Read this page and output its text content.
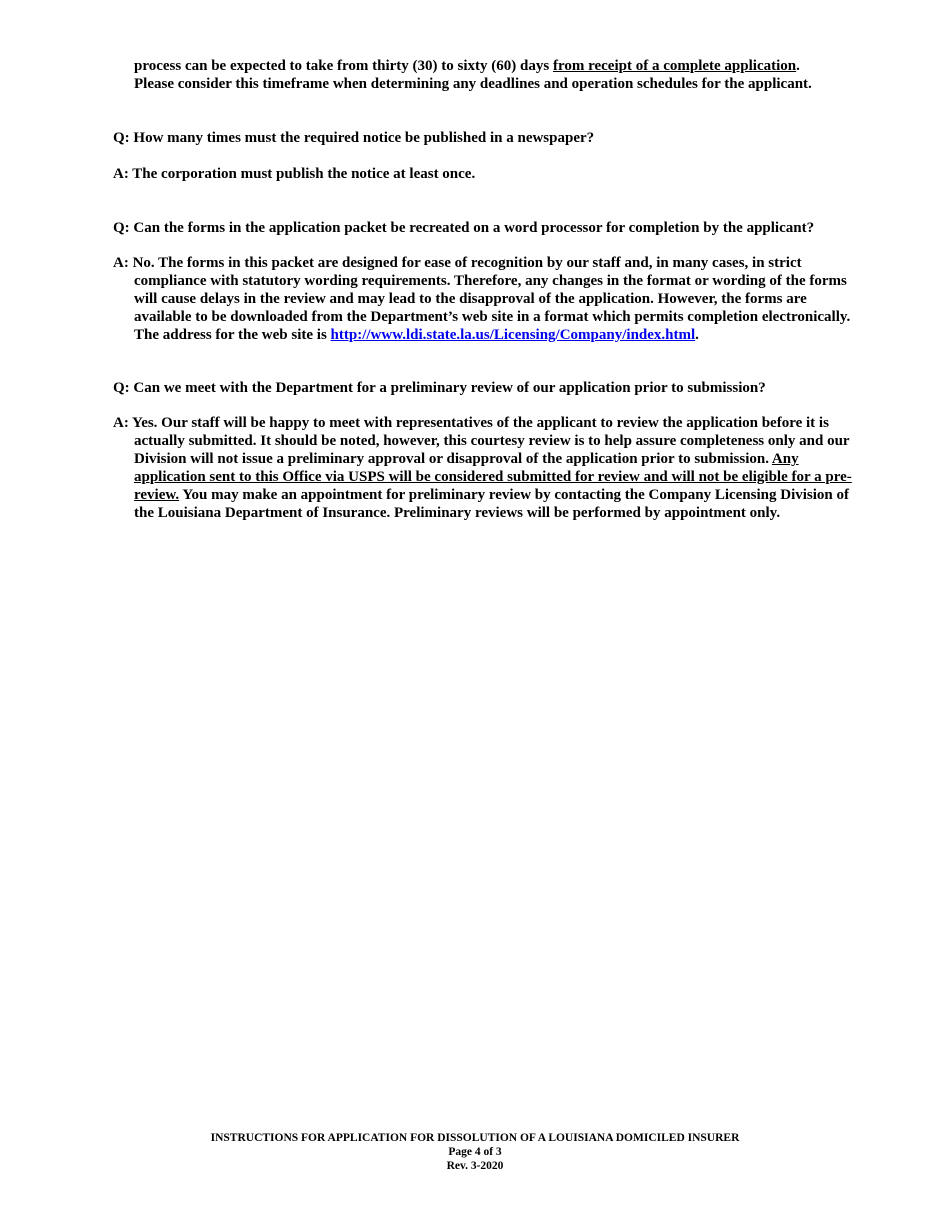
process can be expected to take from thirty (30) to sixty (60) days from receipt of a complete application.
Please consider this timeframe when determining any deadlines and operation schedules for the applicant.
Q: How many times must the required notice be published in a newspaper?
A: The corporation must publish the notice at least once.
Q: Can the forms in the application packet be recreated on a word processor for completion by the applicant?
A: No. The forms in this packet are designed for ease of recognition by our staff and, in many cases, in strict compliance with statutory wording requirements. Therefore, any changes in the format or wording of the forms will cause delays in the review and may lead to the disapproval of the application. However, the forms are available to be downloaded from the Department’s web site in a format which permits completion electronically. The address for the web site is http://www.ldi.state.la.us/Licensing/Company/index.html.
Q: Can we meet with the Department for a preliminary review of our application prior to submission?
A: Yes. Our staff will be happy to meet with representatives of the applicant to review the application before it is actually submitted. It should be noted, however, this courtesy review is to help assure completeness only and our Division will not issue a preliminary approval or disapproval of the application prior to submission. Any application sent to this Office via USPS will be considered submitted for review and will not be eligible for a pre-review. You may make an appointment for preliminary review by contacting the Company Licensing Division of the Louisiana Department of Insurance. Preliminary reviews will be performed by appointment only.
INSTRUCTIONS FOR APPLICATION FOR DISSOLUTION OF A LOUISIANA DOMICILED INSURER
Page 4 of 3
Rev. 3-2020
